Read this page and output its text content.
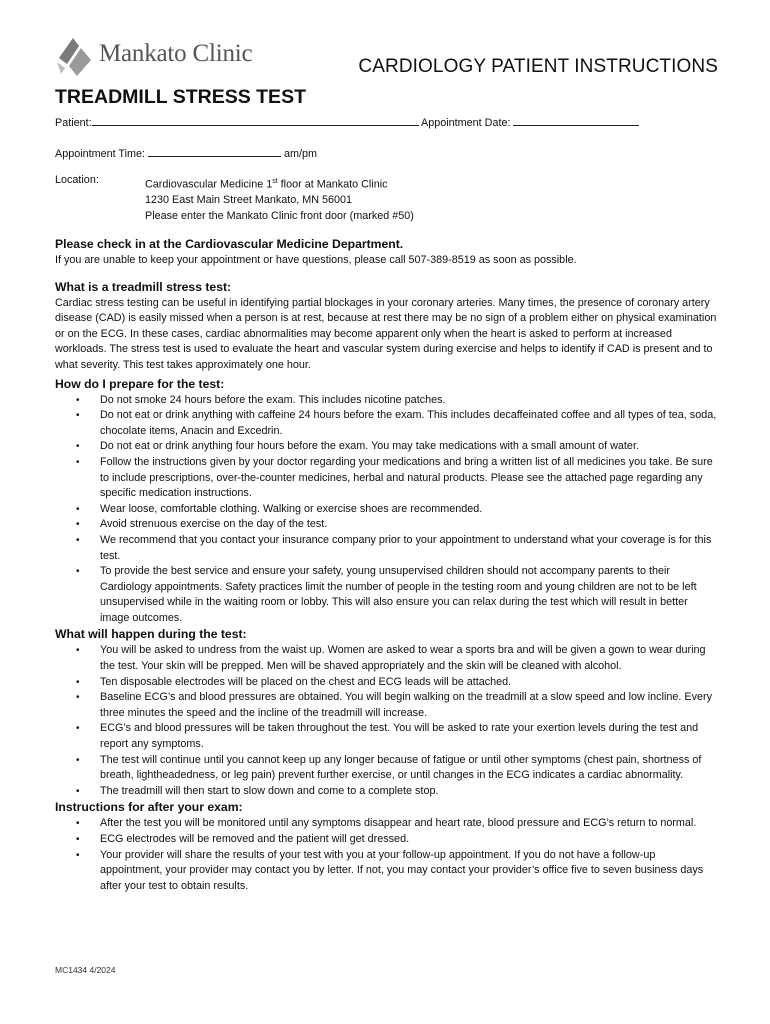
Mankato Clinic	CARDIOLOGY PATIENT INSTRUCTIONS
TREADMILL STRESS TEST
Patient:	Appointment Date:
Appointment Time:	am/pm
Location:	Cardiovascular Medicine 1st floor at Mankato Clinic
1230 East Main Street Mankato, MN 56001
Please enter the Mankato Clinic front door (marked #50)
Please check in at the Cardiovascular Medicine Department.

If you are unable to keep your appointment or have questions, please call 507-389-8519 as soon as possible.

What is a treadmill stress test:

Cardiac stress testing can be useful in identifying partial blockages in your coronary arteries. Many times, the presence of coronary artery disease (CAD) is easily missed when a person is at rest, because at rest there may be no sign of a problem either on physical examination or on the ECG. In these cases, cardiac abnormalities may become apparent only when the heart is asked to perform at increased workloads. The stress test is used to evaluate the heart and vascular system during exercise and helps to identify if CAD is present and to what severity. This test takes approximately one hour.

How do I prepare for the test:
• Do not smoke 24 hours before the exam. This includes nicotine patches.
• Do not eat or drink anything with caffeine 24 hours before the exam. This includes decaffeinated coffee and all types of tea, soda, chocolate items, Anacin and Excedrin.
• Do not eat or drink anything four hours before the exam. You may take medications with a small amount of water.
• Follow the instructions given by your doctor regarding your medications and bring a written list of all medicines you take. Be sure to include prescriptions, over-the-counter medicines, herbal and natural products. Please see the attached page regarding any specific medication instructions.
• Wear loose, comfortable clothing. Walking or exercise shoes are recommended.
• Avoid strenuous exercise on the day of the test.
• We recommend that you contact your insurance company prior to your appointment to understand what your coverage is for this test.
• To provide the best service and ensure your safety, young unsupervised children should not accompany parents to their Cardiology appointments. Safety practices limit the number of people in the testing room and young children are not to be left unsupervised while in the waiting room or lobby. This will also ensure you can relax during the test which will result in better image outcomes.
What will happen during the test:
• You will be asked to undress from the waist up. Women are asked to wear a sports bra and will be given a gown to wear during the test. Your skin will be prepped. Men will be shaved appropriately and the skin will be cleaned with alcohol.
• Ten disposable electrodes will be placed on the chest and ECG leads will be attached.
• Baseline ECG’s and blood pressures are obtained. You will begin walking on the treadmill at a slow speed and low incline. Every three minutes the speed and the incline of the treadmill will increase.
• ECG’s and blood pressures will be taken throughout the test. You will be asked to rate your exertion levels during the test and report any symptoms.
• The test will continue until you cannot keep up any longer because of fatigue or until other symptoms (chest pain, shortness of breath, lightheadedness, or leg pain) prevent further exercise, or until changes in the ECG indicates a cardiac abnormality.
• The treadmill will then start to slow down and come to a complete stop.
Instructions for after your exam:
• After the test you will be monitored until any symptoms disappear and heart rate, blood pressure and ECG’s return to normal.
• ECG electrodes will be removed and the patient will get dressed.
• Your provider will share the results of your test with you at your follow-up appointment. If you do not have a follow-up appointment, your provider may contact you by letter. If not, you may contact your provider’s office five to seven business days after your test to obtain results.
MC1434 4/2024
